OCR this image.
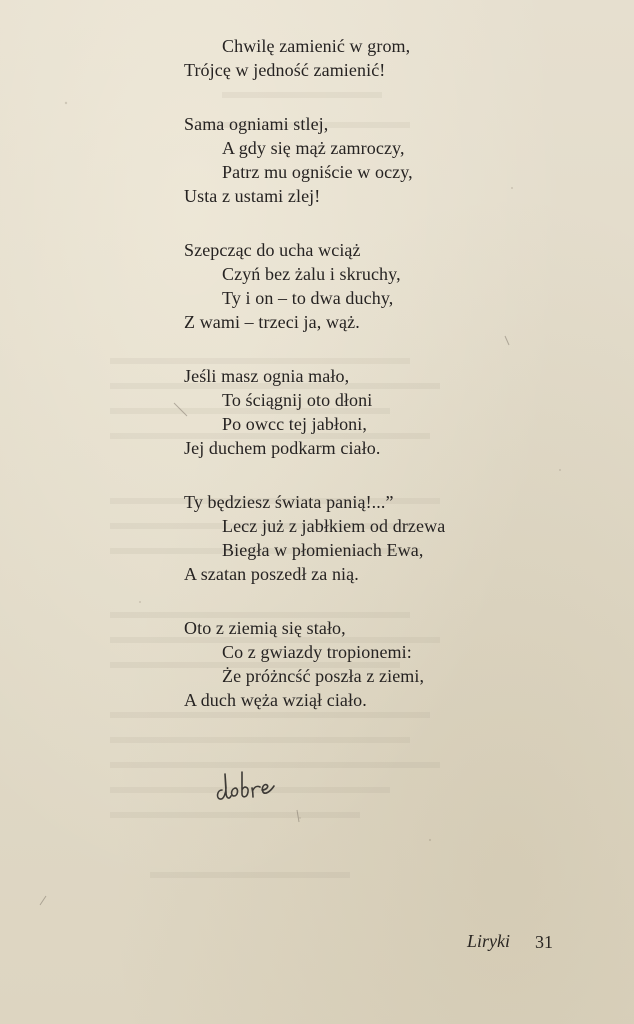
Chwilę zamienić w grom,
Trójcę w jedność zamienić!
Sama ogniami stlej,
A gdy się mąż zamroczy,
Patrz mu ogniście w oczy,
Usta z ustami zlej!
Szepcząc do ucha wciąż
Czyń bez żalu i skruchy,
Ty i on – to dwa duchy,
Z wami – trzeci ja, wąż.
Jeśli masz ognia mało,
To ściągnij oto dłoni
Po owcc tej jabłoni,
Jej duchem podkarm ciało.
Ty będziesz świata panią!...”
Lecz już z jabłkiem od drzewa
Biegła w płomieniach Ewa,
A szatan poszedł za nią.
Oto z ziemią się stało,
Co z gwiazdy tropionemi:
Że próżncść poszła z ziemi,
A duch węża wziął ciało.
Liryki 31
